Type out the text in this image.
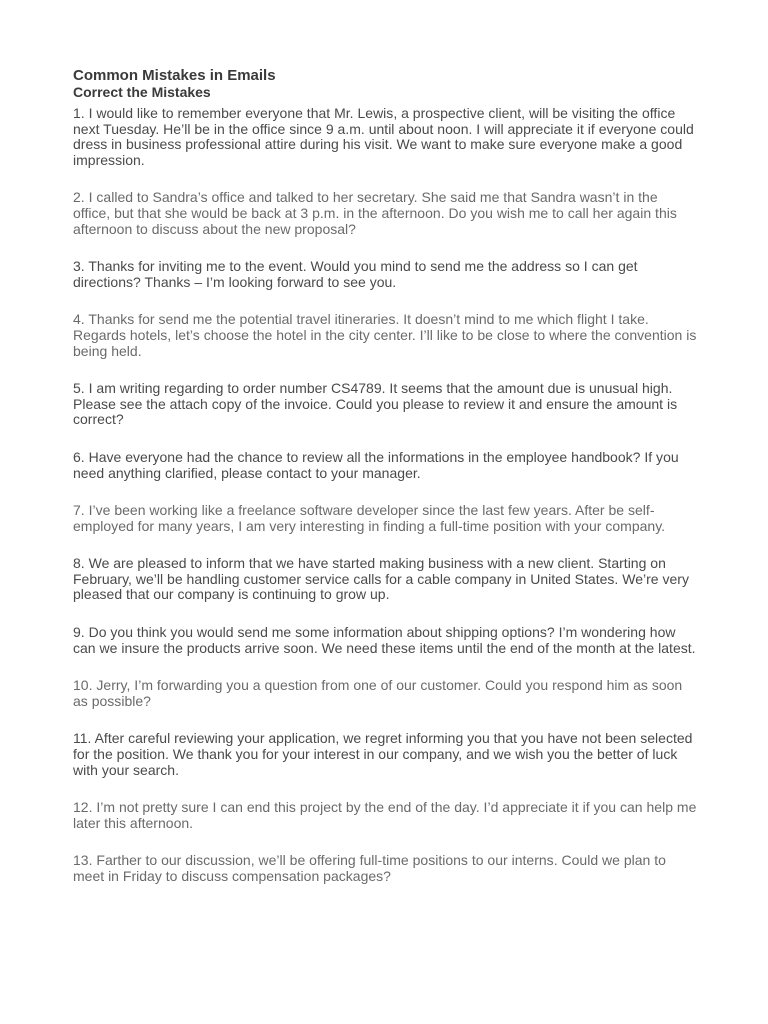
Common Mistakes in Emails
Correct the Mistakes
1. I would like to remember everyone that Mr. Lewis, a prospective client, will be visiting the office next Tuesday. He’ll be in the office since 9 a.m. until about noon. I will appreciate it if everyone could dress in business professional attire during his visit. We want to make sure everyone make a good impression.
2. I called to Sandra’s office and talked to her secretary. She said me that Sandra wasn’t in the office, but that she would be back at 3 p.m. in the afternoon. Do you wish me to call her again this afternoon to discuss about the new proposal?
3. Thanks for inviting me to the event. Would you mind to send me the address so I can get directions? Thanks – I’m looking forward to see you.
4. Thanks for send me the potential travel itineraries. It doesn’t mind to me which flight I take. Regards hotels, let’s choose the hotel in the city center. I’ll like to be close to where the convention is being held.
5. I am writing regarding to order number CS4789. It seems that the amount due is unusual high. Please see the attach copy of the invoice. Could you please to review it and ensure the amount is correct?
6. Have everyone had the chance to review all the informations in the employee handbook? If you need anything clarified, please contact to your manager.
7. I’ve been working like a freelance software developer since the last few years. After be self-employed for many years, I am very interesting in finding a full-time position with your company.
8. We are pleased to inform that we have started making business with a new client. Starting on February, we’ll be handling customer service calls for a cable company in United States. We’re very pleased that our company is continuing to grow up.
9. Do you think you would send me some information about shipping options? I’m wondering how can we insure the products arrive soon. We need these items until the end of the month at the latest.
10. Jerry, I’m forwarding you a question from one of our customer. Could you respond him as soon as possible?
11. After careful reviewing your application, we regret informing you that you have not been selected for the position. We thank you for your interest in our company, and we wish you the better of luck with your search.
12. I’m not pretty sure I can end this project by the end of the day. I’d appreciate it if you can help me later this afternoon.
13. Farther to our discussion, we’ll be offering full-time positions to our interns. Could we plan to meet in Friday to discuss compensation packages?
